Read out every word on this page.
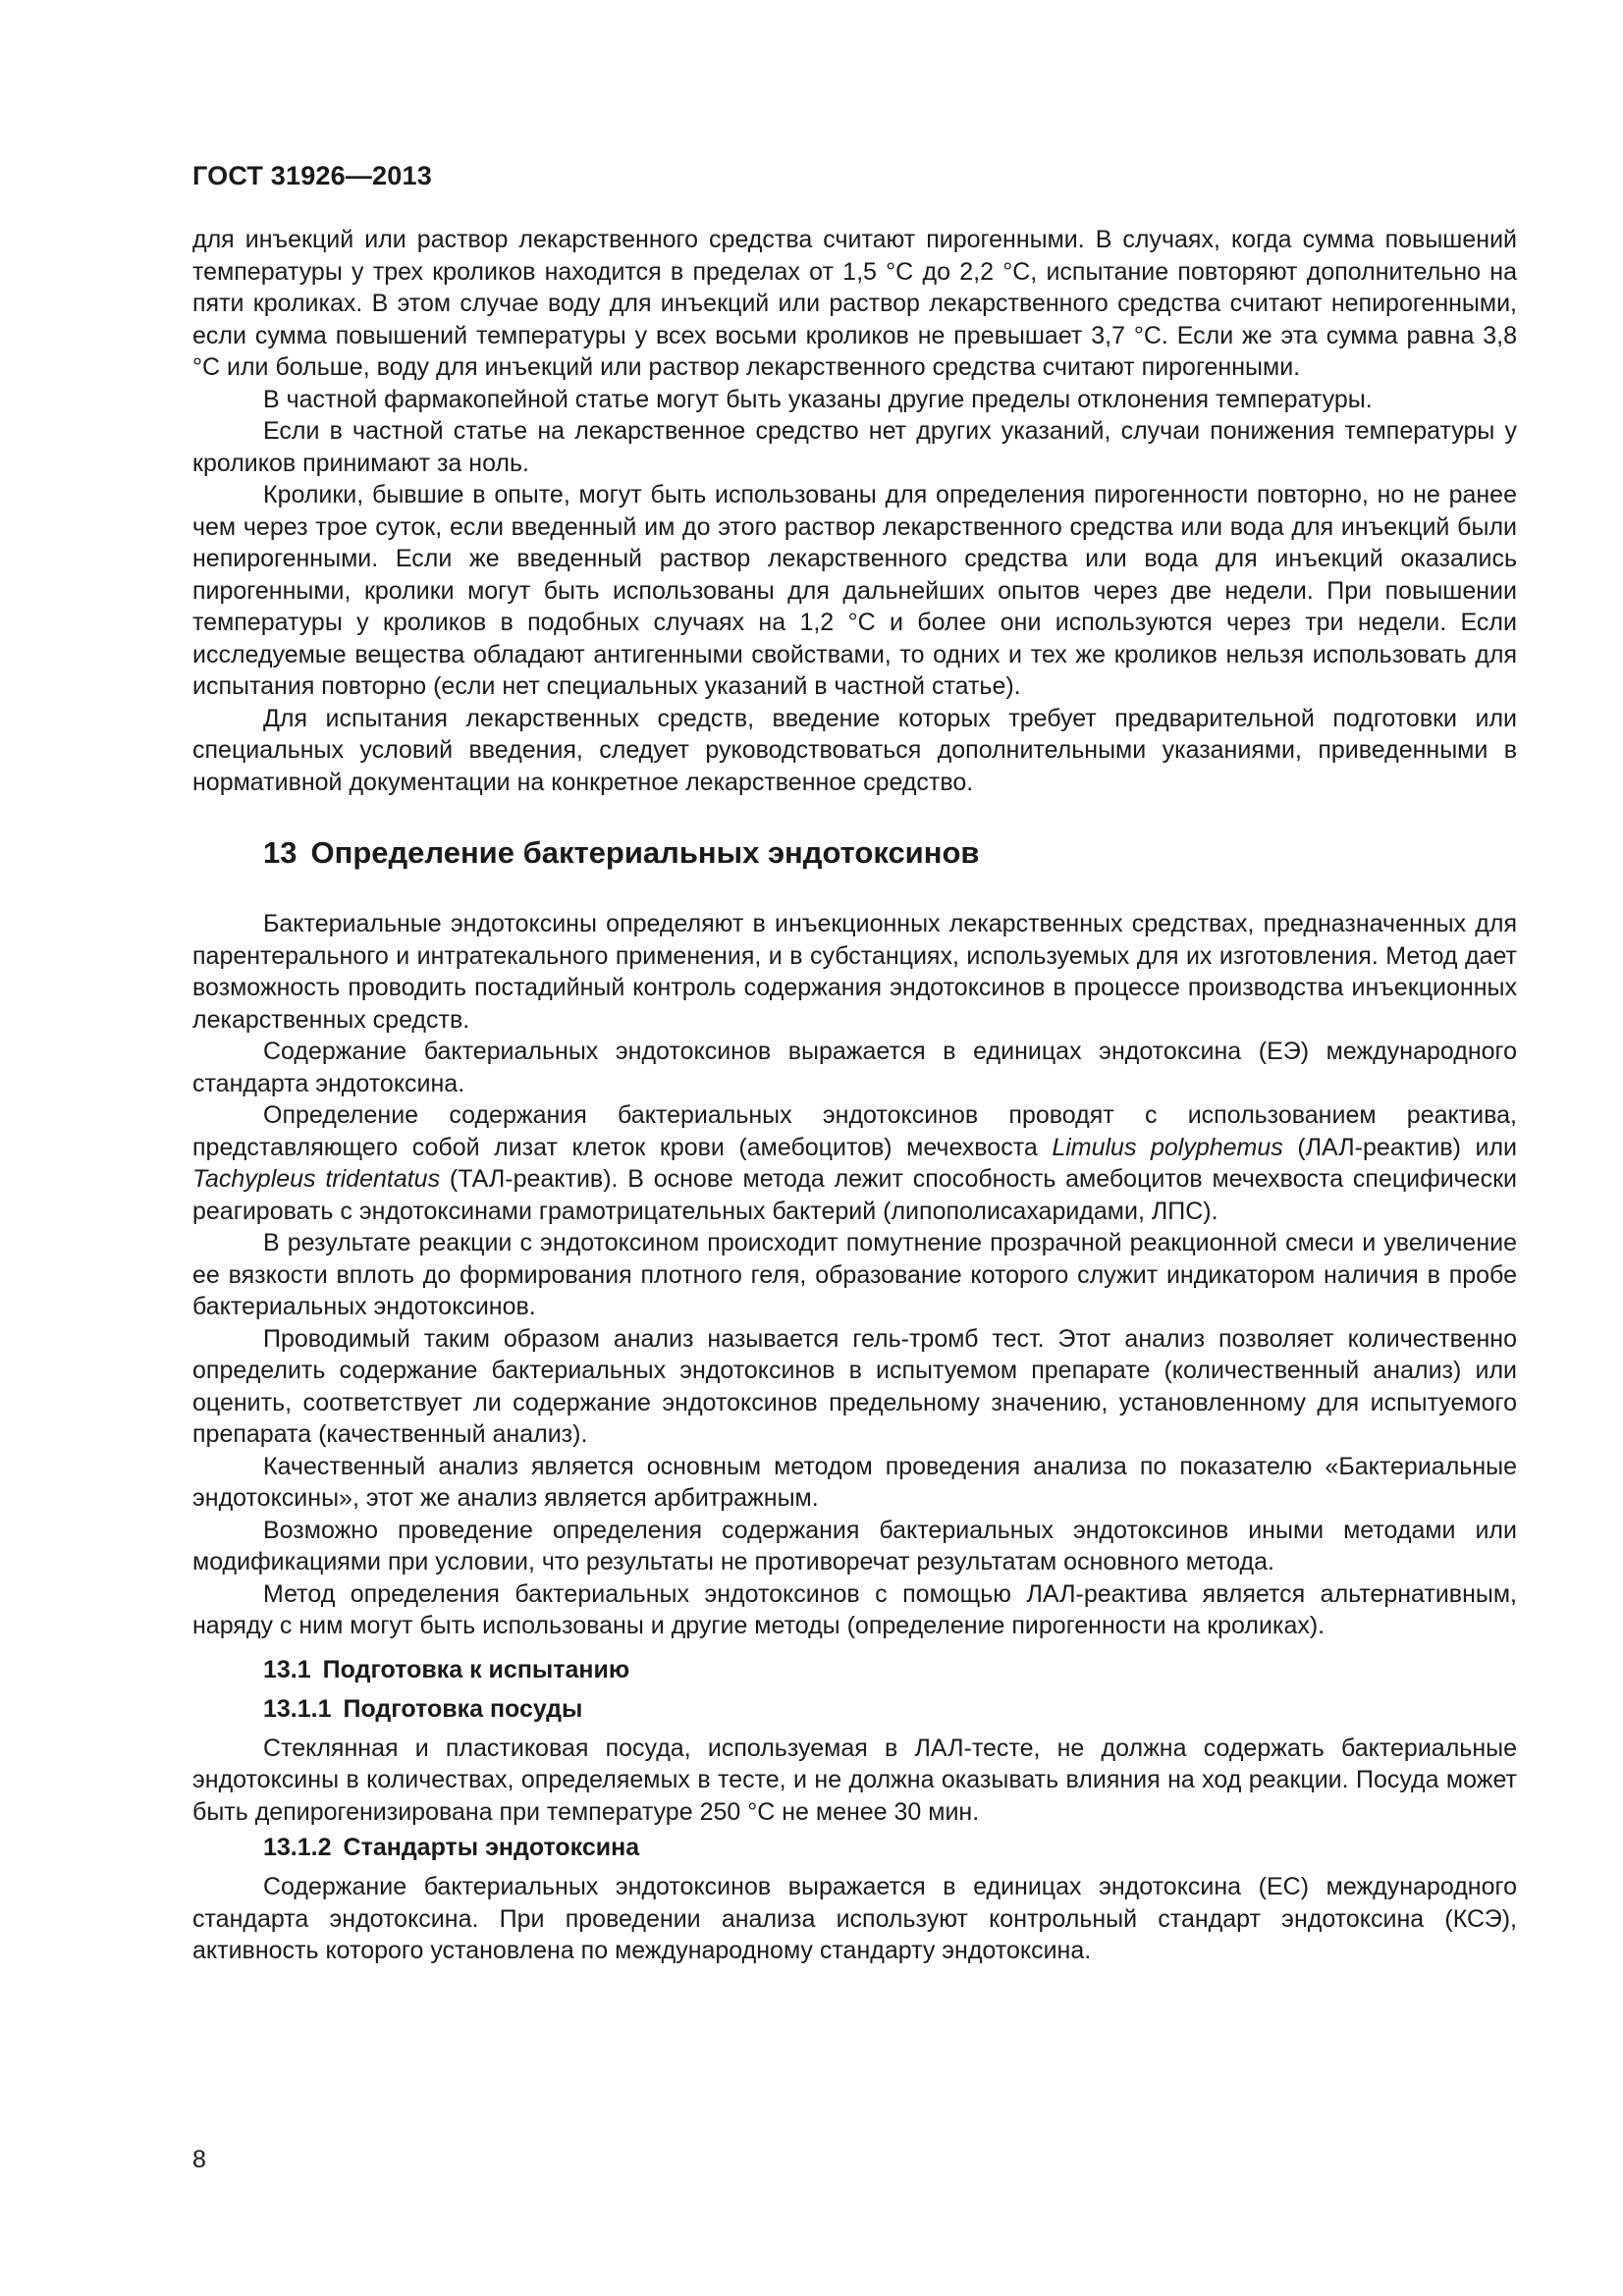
ГОСТ 31926—2013

для инъекций или раствор лекарственного средства считают пирогенными. В случаях, когда сумма повышений температуры у трех кроликов находится в пределах от 1,5 °C до 2,2 °C, испытание повторяют дополнительно на пяти кроликах. В этом случае воду для инъекций или раствор лекарственного средства считают непирогенными, если сумма повышений температуры у всех восьми кроликов не превышает 3,7 °C. Если же эта сумма равна 3,8 °C или больше, воду для инъекций или раствор лекарственного средства считают пирогенными.

В частной фармакопейной статье могут быть указаны другие пределы отклонения температуры.

Если в частной статье на лекарственное средство нет других указаний, случаи понижения температуры у кроликов принимают за ноль.

Кролики, бывшие в опыте, могут быть использованы для определения пирогенности повторно, но не ранее чем через трое суток, если введенный им до этого раствор лекарственного средства или вода для инъекций были непирогенными. Если же введенный раствор лекарственного средства или вода для инъекций оказались пирогенными, кролики могут быть использованы для дальнейших опытов через две недели. При повышении температуры у кроликов в подобных случаях на 1,2 °C и более они используются через три недели. Если исследуемые вещества обладают антигенными свойствами, то одних и тех же кроликов нельзя использовать для испытания повторно (если нет специальных указаний в частной статье).

Для испытания лекарственных средств, введение которых требует предварительной подготовки или специальных условий введения, следует руководствоваться дополнительными указаниями, приведенными в нормативной документации на конкретное лекарственное средство.

13 Определение бактериальных эндотоксинов

Бактериальные эндотоксины определяют в инъекционных лекарственных средствах, предназначенных для парентерального и интратекального применения, и в субстанциях, используемых для их изготовления. Метод дает возможность проводить постадийный контроль содержания эндотоксинов в процессе производства инъекционных лекарственных средств.

Содержание бактериальных эндотоксинов выражается в единицах эндотоксина (ЕЭ) международного стандарта эндотоксина.

Определение содержания бактериальных эндотоксинов проводят с использованием реактива, представляющего собой лизат клеток крови (амебоцитов) мечехвоста Limulus polyphemus (ЛАЛ-реактив) или Tachypleus tridentatus (ТАЛ-реактив). В основе метода лежит способность амебоцитов мечехвоста специфически реагировать с эндотоксинами грамотрицательных бактерий (липополисахаридами, ЛПС).

В результате реакции с эндотоксином происходит помутнение прозрачной реакционной смеси и увеличение ее вязкости вплоть до формирования плотного геля, образование которого служит индикатором наличия в пробе бактериальных эндотоксинов.

Проводимый таким образом анализ называется гель-тромб тест. Этот анализ позволяет количественно определить содержание бактериальных эндотоксинов в испытуемом препарате (количественный анализ) или оценить, соответствует ли содержание эндотоксинов предельному значению, установленному для испытуемого препарата (качественный анализ).

Качественный анализ является основным методом проведения анализа по показателю «Бактериальные эндотоксины», этот же анализ является арбитражным.

Возможно проведение определения содержания бактериальных эндотоксинов иными методами или модификациями при условии, что результаты не противоречат результатам основного метода.

Метод определения бактериальных эндотоксинов с помощью ЛАЛ-реактива является альтернативным, наряду с ним могут быть использованы и другие методы (определение пирогенности на кроликах).

13.1 Подготовка к испытанию
13.1.1 Подготовка посуды

Стеклянная и пластиковая посуда, используемая в ЛАЛ-тесте, не должна содержать бактериальные эндотоксины в количествах, определяемых в тесте, и не должна оказывать влияния на ход реакции. Посуда может быть депирогенизирована при температуре 250 °C не менее 30 мин.

13.1.2 Стандарты эндотоксина

Содержание бактериальных эндотоксинов выражается в единицах эндотоксина (ЕС) международного стандарта эндотоксина. При проведении анализа используют контрольный стандарт эндотоксина (КСЭ), активность которого установлена по международному стандарту эндотоксина.

8
